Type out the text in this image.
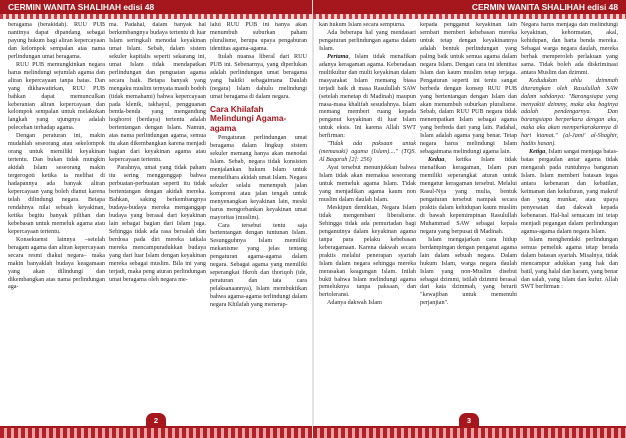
CERMIN WANITA SHALIHAH edisi 48

beragama (berakidah). RUU PUB nantinya dapat dipandang sebagai payung hukum bagi aliran kepercayaan dan kelompok sempalan atas nama perlindungan umat beragama.

RUU PUB memungkinkan negara harus melindungi sejumlah agama dan aliran kepercayaan tanpa batas. Dan yang dikhawatirkan, RUU PUB bahkan dapat memunculkan keberanian aliran kepercayaan dan kelompok sempalan untuk melakukan langkah yang ujungnya adalah pelecehan terhadap agama.

Dengan peraturan ini, makin mudahlah seseorang atau sekelompok orang untuk memiliki keyakinan tertentu. Dan bukan tidak mungkin akidah Islam seseorang makin tergerogoti ketika ia melihat di hadapannya ada banyak aliran kepercayaan yang boleh dianut karena telah dilindungi negara. Betapa rendahnya nilai sebuah keyakinan, ketika begitu banyak pilihan dan kebebasan untuk memeluk agama atau kepercayaan tertentu.

Konsekuensi lainnya –setelah beragam agama dan aliran kepercayaan secara resmi diakui negara– maka makin banyaklah budaya keagamaan yang akan dilindungi dan dikembangkan atas nama perlindungan aga-

ma. Padahal, dalam banyak hal berkembangnya budaya tertentu di luar Islam seringkali menodai keyakinan umat Islam. Sebab, dalam sistem sekuler kapitalis seperti sekarang ini, umat Islam tidak mendapatkan perlindungan dan penguatan agama secara baik. Betapa banyak yang mengaku muslim ternyata masih bodoh (tidak memahami) bahwa kepercayaan pada klenik, takhayul, pengguanan benda-benda yang mengandung hoghorot (berdaya) tertentu adalah bertentangan dengan Islam. Namun, atas nama perlindungan agama, semua itu akan dikembangkan karena menjadi bagian dari keyakinan agama atau kepercayaan tertentu.

Parahnya, umat yang tidak paham itu sering menggunggap bahwa perbuatan-perbuatan seperti itu tidak bertentangan dengan akidah mereka. Bahkan, saking berkembangnya budaya-budaya mereka menganggap budaya yang berasal dari keyakinan lain sebagai bagian dari Islam juga. Sehingga tidak ada rasa bersalah dan berdosa pada diri mereka tatkala mereka mencampuradukkan budaya yang dari luar Islam dengan keyakinan mereka sebagai muslim. Bila ini yang terjadi, maka peng aturan perlindungan umat beragama oleh negara me-

lalui RUU PUB ini hanya akan menumbuh suburkan paham pluralisme, berupa upaya pengaburan identitas agama-agama.

Itulah nuansa liberal dari RUU PUB ini. Sebenarnya, yang diperlukan adalah perlindungan umat beragama yang hakiki sebagaimana Daulah (negara) Islam dahulu melindungi umat beragama di dalam negara.

Cara Khilafah Melindungi Agama-agama

Pengaturan perlindungan umat beragama dalam lingkup sistem sekuler memang hanya akan menodai Islam. Sebab, negara tidak konsisten menjalankan hukum Islam untuk memelihara akidah umat Islam. Negara sekuler selalu menempuh jalan kompromi atau jalan tengah untuk menyenangkan keyakinan lain, meski harus mengorbankan keyakinan umat mayoritas (muslim).

Cara tersebut tentu saja bertentangan dengan tuntunan Islam. Sesungguhnya Islam memiliki mekanisme yang jelas tentang pengaturan agama-agama dalam negara. Sebagai agama yang memiliki seperangkat fikroh dan thoriqoh (ide, peraturan dan tata cara pelaksanaannya), Islam membuktikan bahwa agama-agama terlindungi dalam negara Khilafah yang menerap-

2
CERMIN WANITA SHALIHAH edisi 48

kan hukum Islam secara sempurna.

Ada beberapa hal yang mendasari pengaturan perlindungan agama dalam Islam.

Pertama, Islam tidak menafikan adanya keragaman agama. Keberadaan multikultur dan multi keyakinan dalam masyarakat Islam memang biasa terjadi baik di masa Rasulullah SAW (setelah menetap di Madinah) maupun masa-masa khalifah sesudahnya. Islam memang memberi ruang kepada penganut keyakinan di luar Islam untuk eksis. Ini karena Allah SWT berfirman:

"Tidak ada paksaan untuk (memasuki) agama (Islam)...." (TQS. Al Baqarah [2]: 256)

Ayat tersebut menunjukkan bahwa Islam tidak akan memaksa seseorang untuk memeluk agama Islam. Tidak yang menjadikan agama kaum non muslim dalam daulah Islam.

Meskipun demikian, Negara Islam tidak mengembani liberalisme. Sehingga tidak ada pemurtadan bagi penganutnya dalam keyakinan agama tanpa para pelaku kebebasan keberagamaan. Karena dakwah secara praktis melalui penerapan syariah Islam dalam negara sehingga mereka merasakan keagungan Islam. Inilah bukti bahwa Islam melindungi agama pemeluknya tanpa paksaan, dan bertoleransi.

Adanya dakwah Islam

kepada pengganut keyakinan lain sembari memberi kebebasan mereka untuk tetap dengan keyakinannya adalah bentuk perlindungan yang paling baik untuk semua agama dalam negara Islam. Dengan cara ini identitas Islam dan kaum muslim tetap terjaga. Pengaturan seperti ini tentu sangat berbeda dengan konsep RUU PUB yang bertentangan dengan Islam dan akan menumbuh suburkan pluralisme. Sebab, dalam RUU PUB negara tidak menempatkan Islam sebagai agama yang berbeda dari yang lain. Padahal, Islam adalah agama yang benar. Tetap negara harus melindungi Islam sebagaimana melindungi agama lain.

Kedua, ketika Islam tidak menafikan keragaman, Islam pun memiliki seperangkat aturan untuk mengatur keragaman tersebut. Melalui Rasul-Nya yang mulia, bentuk pengaturan tersebut nampak secara praktis dalam kehidupan kaum muslim di bawah kepemimpinan Rasulullah Muhammad SAW sebagai kepala negara yang berpusat di Madinah.

Islam mengajarkan cara hidup berdampingan dengan penganut agama lain dalam sebuah negara. Dalam hukum Islam, warga negara daulah Islam yang non-Muslim disebut sebagai dzimmi, istilah dzimmi berasal dari kata dzimmah, yang berarti "kewajiban untuk memenuhi perjanjian".

Negara harus menjaga dan melindungi keyakinan, kehormatan, akal, kehidupan, dan harta benda mereka. Sebagai warga negara daulah, mereka berhak memperoleh perlakuan yang sama. Tidak boleh ada diskriminasi antara Muslim dan dzimmi.

Kedudukan ahlu dzimmah diterangkan oleh Rasulullah SAW dalam sabdanya: "Barangsiapa yang menyakiti dzimmy, maka aku baginya adalah pendengarnya. Dan barangsiapa berperkara dengan aku, maka aku akan memperkarakannya di hari kiamat." (al-Jami' al-Shaghir, hadits hasan).

Ketiga, Islam sangat menjaga batas-batas pergaulan antar agama tidak mengarah pada runtuhnya bangunan Islam. Islam memberi batasan tegas antara kebenaran dan kebatilan, keimanan dan kekufuran, yang makruf dan yang munkar, atau upaya penyesatan dan dakwah kepada kebenaran. Hal-hal semacam ini tetap menjadi pegangan dalam perlindungan agama-agama dalam negara Islam.

Islam menghendaki perlindungan semua pemeluk agama tetap berada dalam batasan syariah. Misalnya, tidak mencampur adukkan yang hak dan batil, yang halal dan haram, yang benar dan salah, yang Islam dan kufur. Allah SWT berfirman :

3
